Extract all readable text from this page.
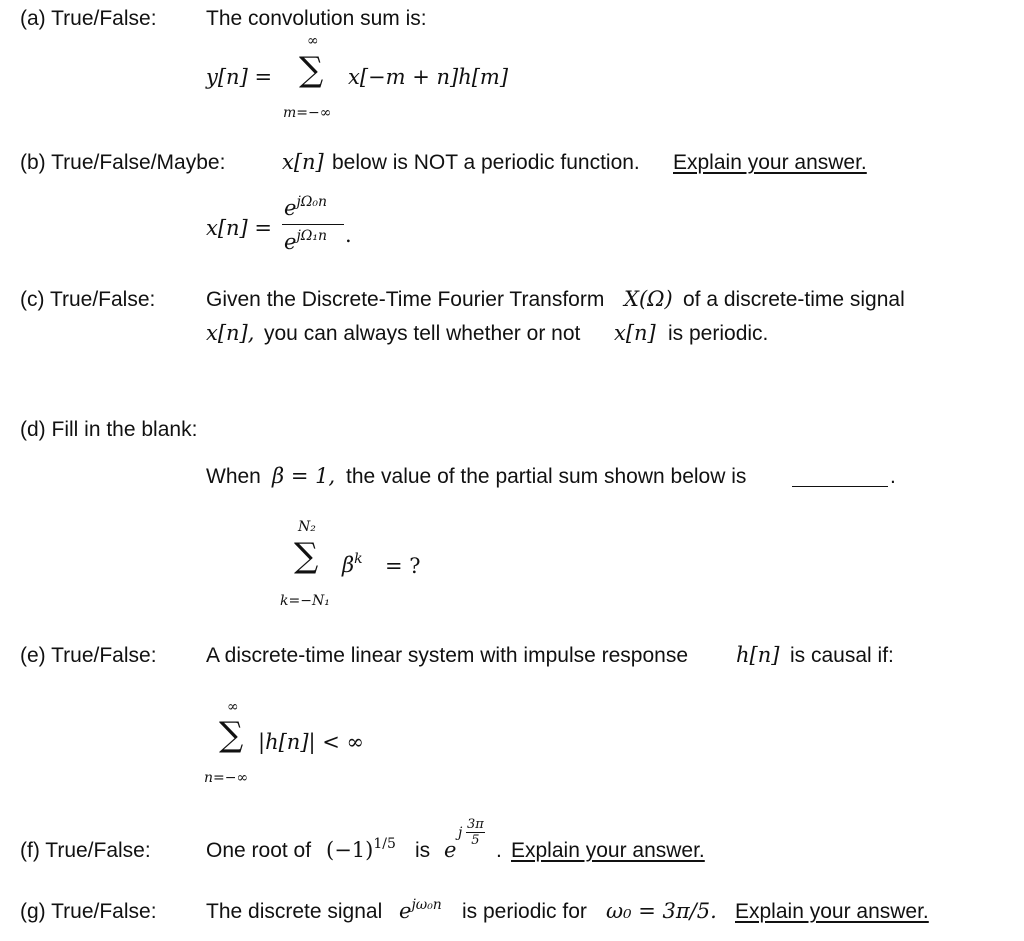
(a) True/False: The convolution sum is:
y[n] =
∞
∑
m=−∞
x[−m + n]h[m]
(b) True/False/Maybe:	x[n] below is NOT a periodic function. Explain your answer.
x[n] =
$e^{j\Omega_0n}$
$e^{j\Omega_1n}$ .
(c) True/False: Given the Discrete-Time Fourier Transform X(Ω) of a discrete-time signal
x[n], you can always tell whether or not x[n] is periodic.
(d) Fill in the blank:
When β = 1, the value of the partial sum shown below is	.
N₂
∑
k=−N₁
$\beta^k$ = ?
(e) True/False: A discrete-time linear system with impulse response h[n] is causal if:
∞
∑
n=−∞
|h[n]| < ∞
(f) True/False:	One root of $(-1)^{1/5}$ is e
j $\frac{3\pi}{5}$
. Explain your answer.
(g) True/False: The discrete signal $e^{j\omega_0n}$ is periodic for ω₀ = 3π/5. Explain your answer.
